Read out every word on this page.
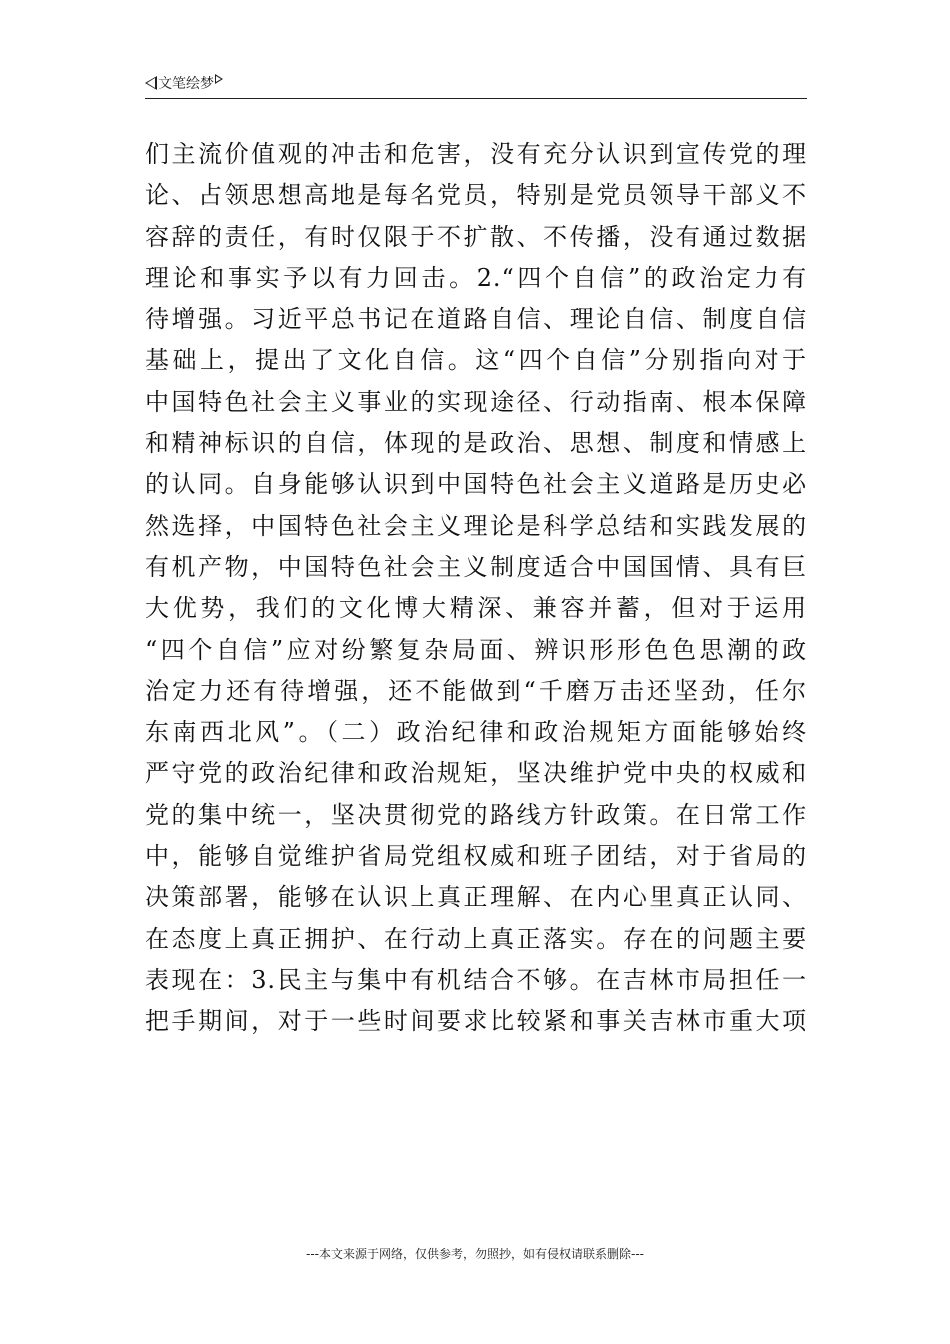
文笔绘梦
们主流价值观的冲击和危害，没有充分认识到宣传党的理
论、占领思想高地是每名党员，特别是党员领导干部义不
容辞的责任，有时仅限于不扩散、不传播，没有通过数据
理论和事实予以有力回击。2.“四个自信”的政治定力有
待增强。习近平总书记在道路自信、理论自信、制度自信
基础上，提出了文化自信。这“四个自信”分别指向对于
中国特色社会主义事业的实现途径、行动指南、根本保障
和精神标识的自信，体现的是政治、思想、制度和情感上
的认同。自身能够认识到中国特色社会主义道路是历史必
然选择，中国特色社会主义理论是科学总结和实践发展的
有机产物，中国特色社会主义制度适合中国国情、具有巨
大优势，我们的文化博大精深、兼容并蓄，但对于运用
“四个自信”应对纷繁复杂局面、辨识形形色色思潮的政
治定力还有待增强，还不能做到“千磨万击还坚劲，任尔
东南西北风”。（二）政治纪律和政治规矩方面能够始终
严守党的政治纪律和政治规矩，坚决维护党中央的权威和
党的集中统一，坚决贯彻党的路线方针政策。在日常工作
中，能够自觉维护省局党组权威和班子团结，对于省局的
决策部署，能够在认识上真正理解、在内心里真正认同、
在态度上真正拥护、在行动上真正落实。存在的问题主要
表现在：3.民主与集中有机结合不够。在吉林市局担任一
把手期间，对于一些时间要求比较紧和事关吉林市重大项
---本文来源于网络，仅供参考，勿照抄，如有侵权请联系删除---
